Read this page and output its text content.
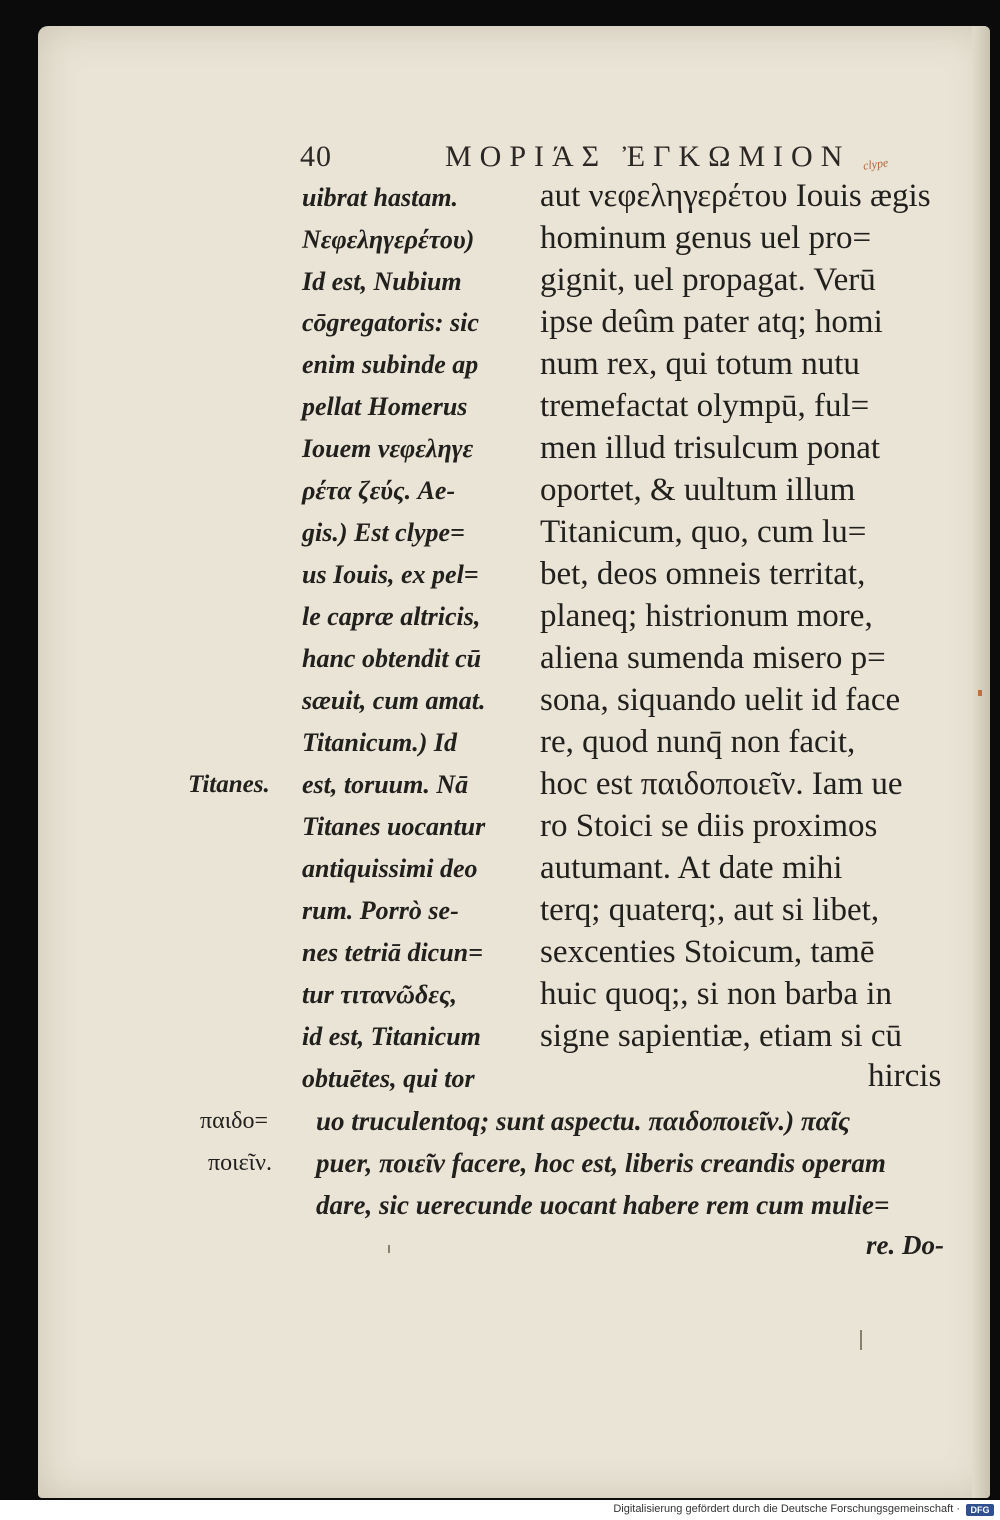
40	ΜΟΡΙΆΣ ἘΓΚΩΜΙΟΝ clype
uibrat hastam.
Νεφεληγερέτου)
Id est, Nubium
cōgregatoris: sic
enim subinde ap
pellat Homerus
Iouem νεφεληγε
ρέτα ζεύς. Ae-
gis.) Est clype=
us Iouis, ex pel=
le capræ altricis,
hanc obtendit cū
sæuit, cum amat.
Titanicum.) Id
est, toruum. Nā
Titanes uocantur
antiquissimi deo
rum. Porrò se-
nes tetriā dicun=
tur τιτανῶδες,
id est, Titanicum
obtuētes, qui tor
aut νεφεληγερέτου Iouis ægis
hominum genus uel pro=
gignit, uel propagat. Verū
ipse deûm pater atq; homi
num rex, qui totum nutu
tremefactat olympū, ful=
men illud trisulcum ponat
oportet, & uultum illum
Titanicum, quo, cum lu=
bet, deos omneis territat,
planeq; histrionum more,
aliena sumenda misero p=
sona, siquando uelit id face
re, quod nunq̄ non facit,
hoc est παιδοποιεῖν. Iam ue
ro Stoici se diis proximos
autumant. At date mihi
terq; quaterq;, aut si libet,
sexcenties Stoicum, tamē
huic quoq;, si non barba in
signe sapientiæ, etiam si cū
hircis
Titanes.
παιδο=
ποιεῖν.
uo truculentoq; sunt aspectu. παιδοποιεῖν.) παῖς
puer, ποιεῖν facere, hoc est, liberis creandis operam
dare, sic uerecunde uocant habere rem cum mulie=
re. Do-
Digitalisierung gefördert durch die Deutsche Forschungsgemeinschaft ·	DFG
